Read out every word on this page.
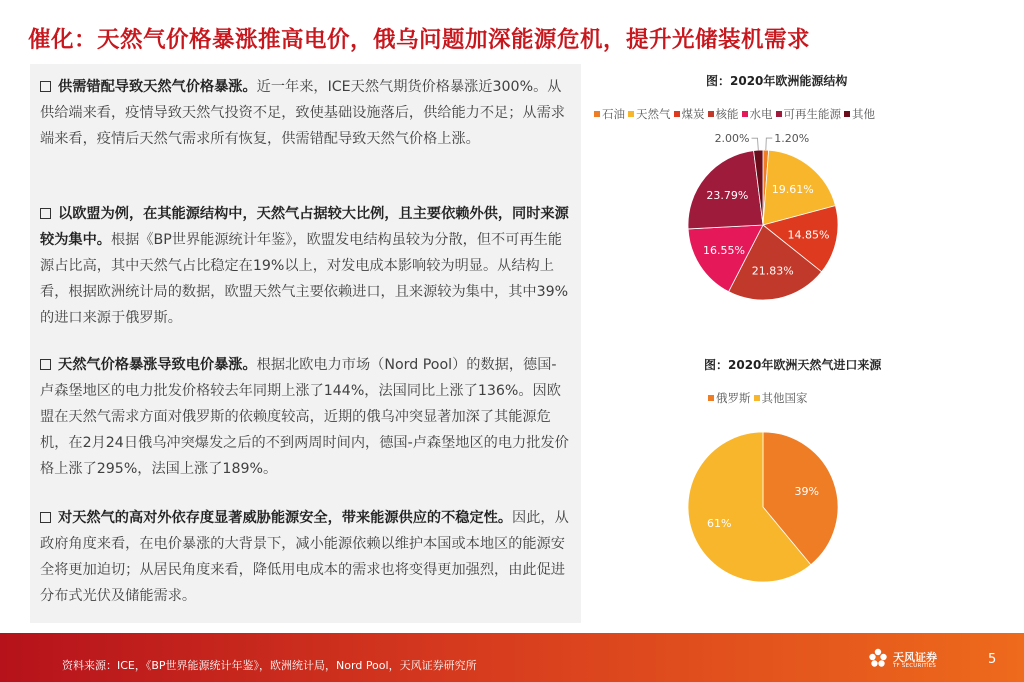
催化：天然气价格暴涨推高电价，俄乌问题加深能源危机，提升光储装机需求
供需错配导致天然气价格暴涨。近一年来，ICE天然气期货价格暴涨近300%。从供给端来看，疫情导致天然气投资不足，致使基础设施落后，供给能力不足；从需求端来看，疫情后天然气需求所有恢复，供需错配导致天然气价格上涨。
以欧盟为例，在其能源结构中，天然气占据较大比例，且主要依赖外供，同时来源较为集中。根据《BP世界能源统计年鉴》，欧盟发电结构虽较为分散，但不可再生能源占比高，其中天然气占比稳定在19%以上，对发电成本影响较为明显。从结构上看，根据欧洲统计局的数据，欧盟天然气主要依赖进口，且来源较为集中，其中39%的进口来源于俄罗斯。
天然气价格暴涨导致电价暴涨。根据北欧电力市场（Nord Pool）的数据，德国-卢森堡地区的电力批发价格较去年同期上涨了144%，法国同比上涨了136%。因欧盟在天然气需求方面对俄罗斯的依赖度较高，近期的俄乌冲突显著加深了其能源危机，在2月24日俄乌冲突爆发之后的不到两周时间内，德国-卢森堡地区的电力批发价格上涨了295%，法国上涨了189%。
对天然气的高对外依存度显著威胁能源安全，带来能源供应的不稳定性。因此，从政府角度来看，在电价暴涨的大背景下，减小能源依赖以维护本国或本地区的能源安全将更加迫切；从居民角度来看，降低用电成本的需求也将变得更加强烈，由此促进分布式光伏及储能需求。
图：2020年欧洲能源结构
石油 天然气 煤炭 核能 水电 可再生能源 其他
1.20%
19.61%
14.85%
21.83%
16.55%
23.79%
2.00%
图：2020年欧洲天然气进口来源
俄罗斯 其他国家
39%
61%
资料来源：ICE，《BP世界能源统计年鉴》，欧洲统计局，Nord Pool，天风证券研究所
天风证券
TF SECURITIES	5
